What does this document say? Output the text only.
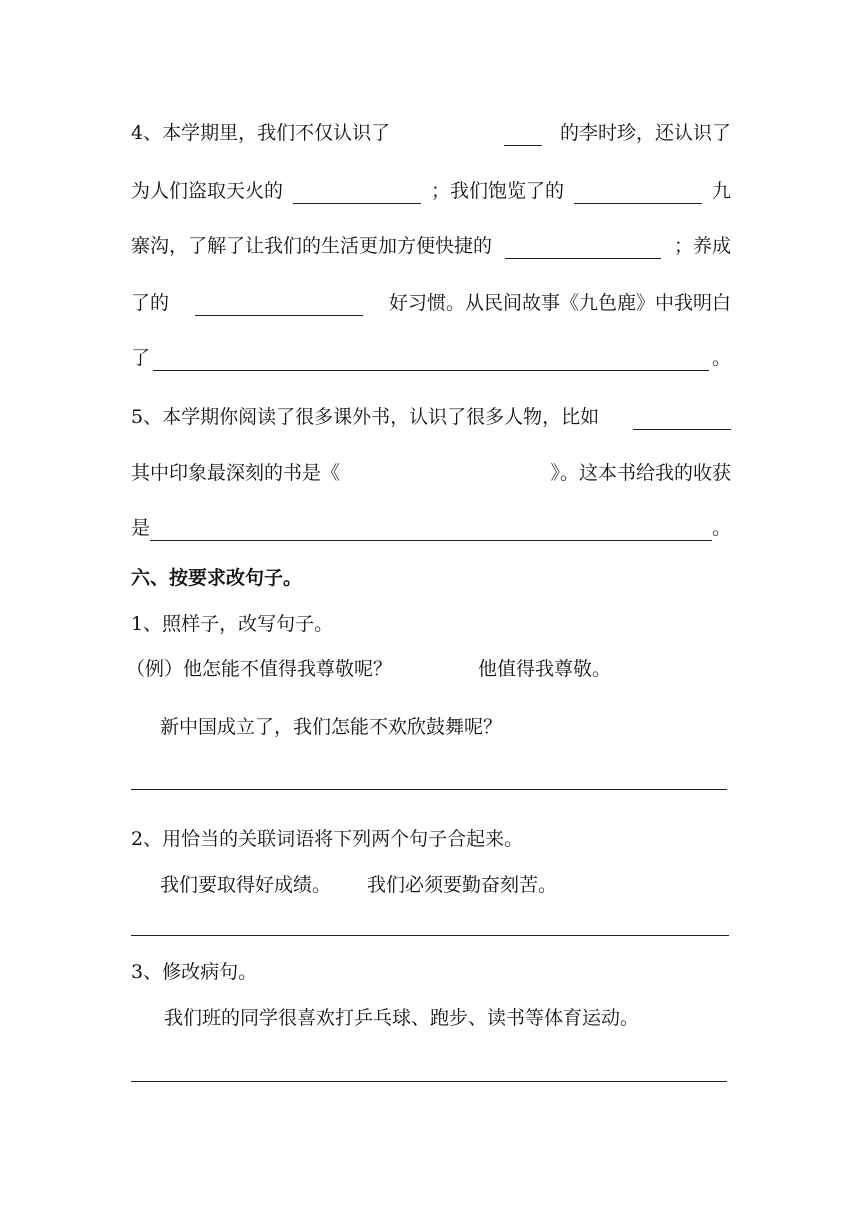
4、本学期里，我们不仅认识了	的李时珍，还认识了
为人们盗取天火的	；我们饱览了的	九
寨沟，了解了让我们的生活更加方便快捷的	；养成
了的	好习惯。从民间故事《九色鹿》中我明白
了	。
5、本学期你阅读了很多课外书，认识了很多人物，比如
其中印象最深刻的书是《	》。这本书给我的收获
是	。
六、按要求改句子。
1、照样子，改写句子。
（例）他怎能不值得我尊敬呢？	他值得我尊敬。
新中国成立了，我们怎能不欢欣鼓舞呢？
2、用恰当的关联词语将下列两个句子合起来。
我们要取得好成绩。 我们必须要勤奋刻苦。
3、修改病句。
我们班的同学很喜欢打乒乓球、跑步、读书等体育运动。
